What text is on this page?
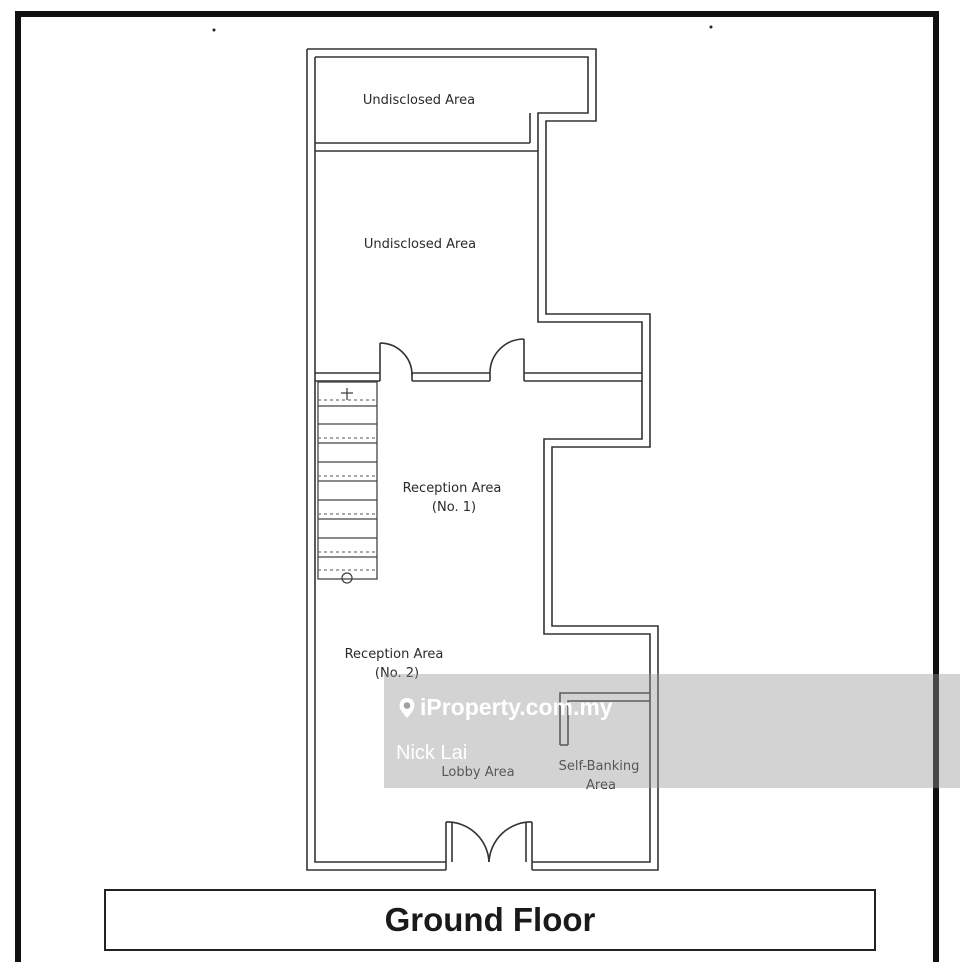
Undisclosed Area
Undisclosed Area
Reception Area
(No. 1)
Reception Area
(No. 2)
Lobby Area	Self-Banking
Area
Ground Floor
iProperty.com.my
Nick Lai
